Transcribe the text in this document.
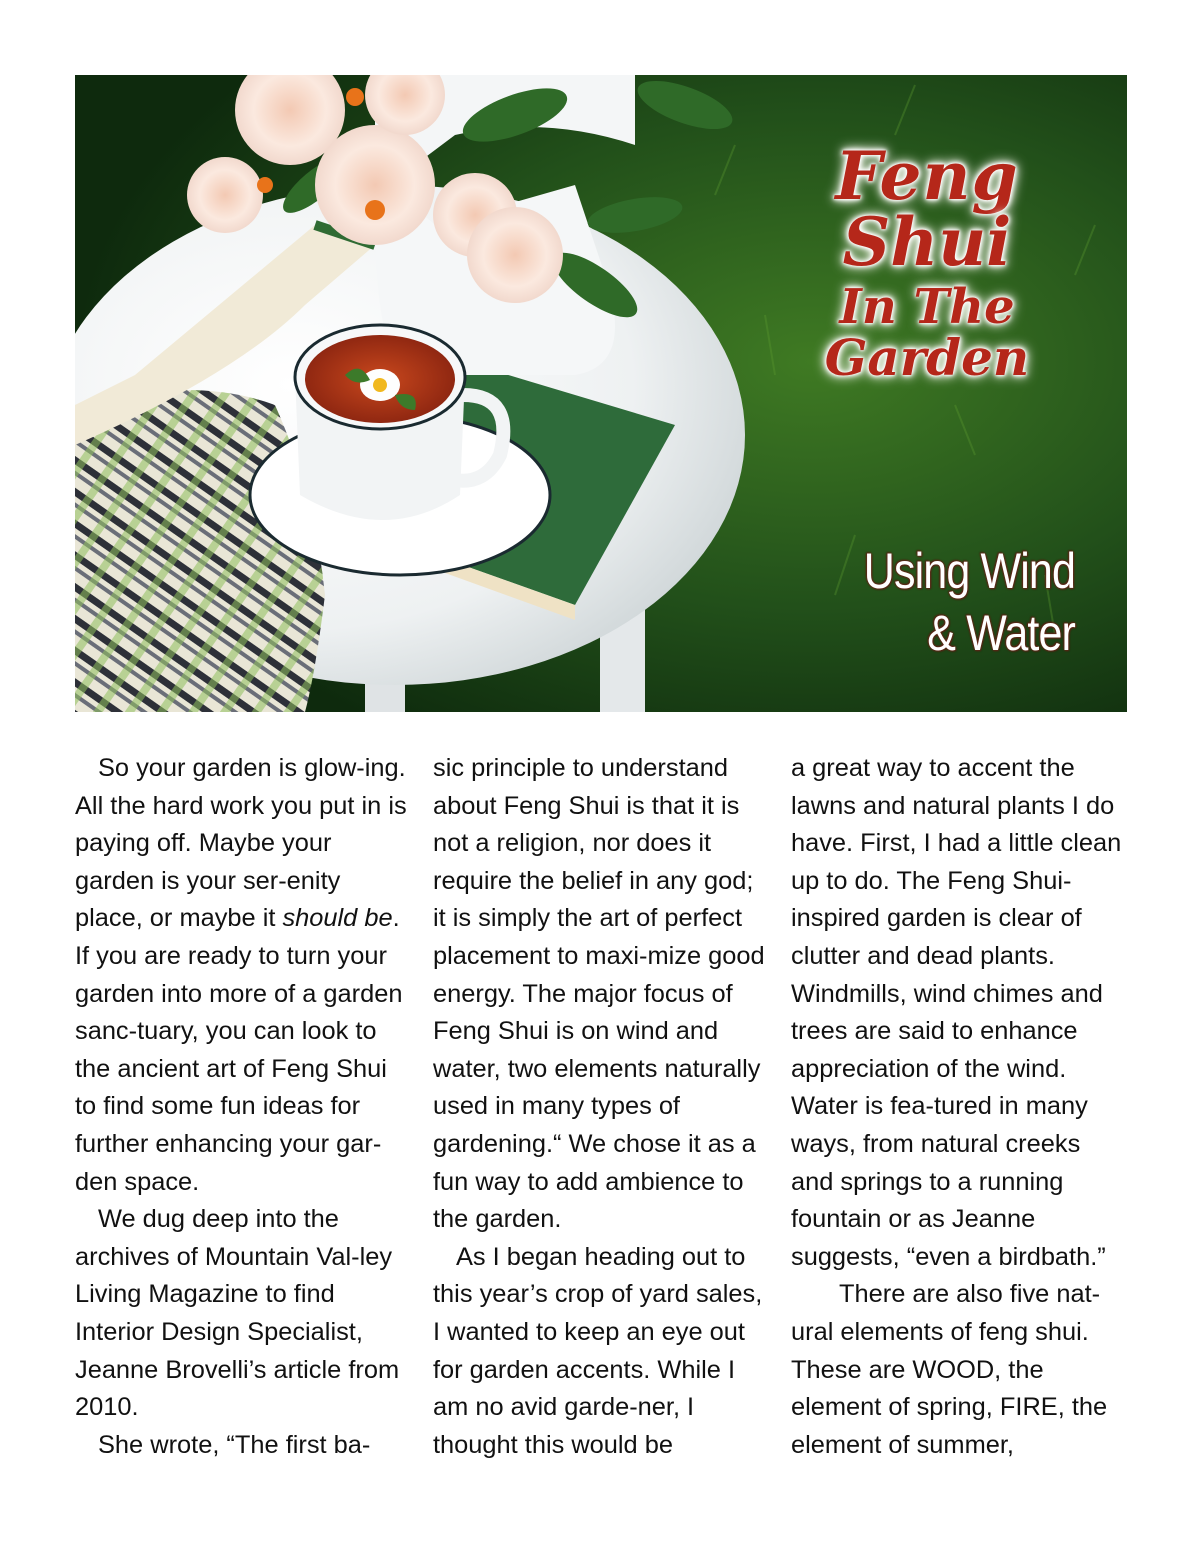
Feng
Shui
In The
Garden
Using Wind
& Water

So your garden is glow-ing. All the hard work you put in is paying off. Maybe your garden is your ser-enity place, or maybe it should be. If you are ready to turn your garden into more of a garden sanc-tuary, you can look to the ancient art of Feng Shui to find some fun ideas for further enhancing your gar-den space.

We dug deep into the archives of Mountain Val-ley Living Magazine to find Interior Design Specialist, Jeanne Brovelli’s article from 2010.

She wrote, “The first ba-

sic principle to understand about Feng Shui is that it is not a religion, nor does it require the belief in any god; it is simply the art of perfect placement to maxi-mize good energy. The major focus of Feng Shui is on wind and water, two elements naturally used in many types of gardening.“ We chose it as a fun way to add ambience to the garden.

As I began heading out to this year’s crop of yard sales, I wanted to keep an eye out for garden accents. While I am no avid garde-ner, I thought this would be

a great way to accent the lawns and natural plants I do have. First, I had a little clean up to do. The Feng Shui-inspired garden is clear of clutter and dead plants. Windmills, wind chimes and trees are said to enhance appreciation of the wind. Water is fea-tured in many ways, from natural creeks and springs to a running fountain or as Jeanne suggests, “even a birdbath.”

There are also five nat-ural elements of feng shui. These are WOOD, the element of spring, FIRE, the element of summer,
